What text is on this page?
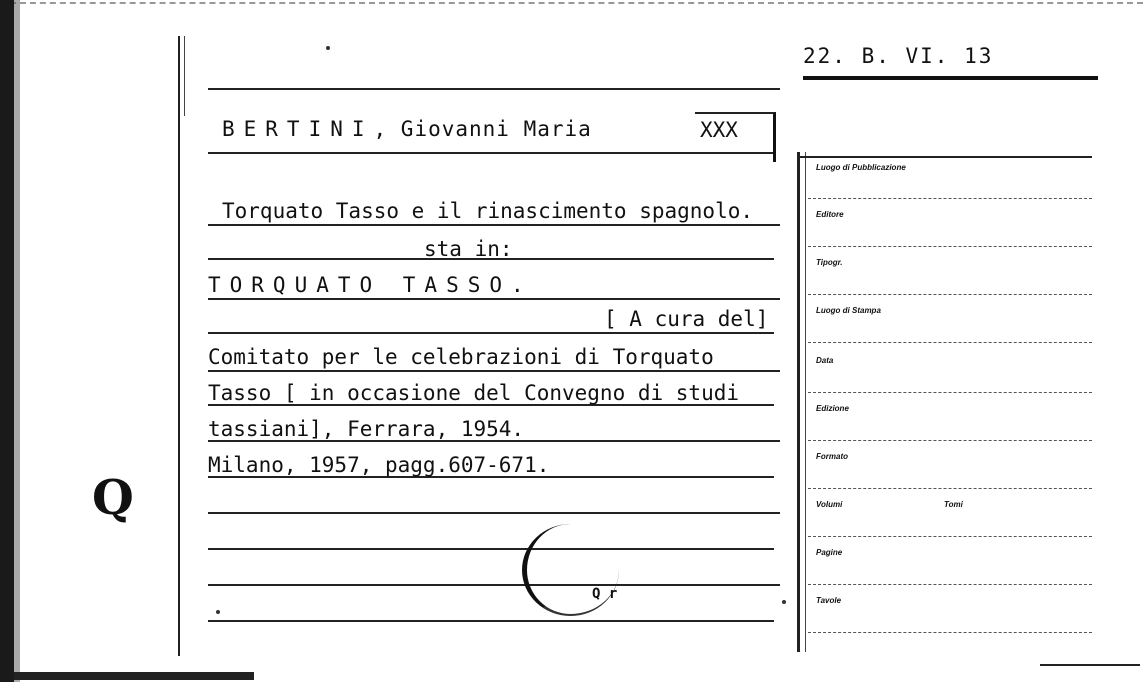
Q
22. B. VI. 13
BERTINI, Giovanni Maria	XXX
Torquato Tasso e il rinascimento spagnolo.
sta in:
TORQUATO TASSO.
[ A cura del]
Comitato per le celebrazioni di Torquato
Tasso [ in occasione del Convegno di studi
tassiani], Ferrara, 1954.
Milano, 1957, pagg.607-671.
Q r
Luogo di Pubblicazione
Editore
Tipogr.
Luogo di Stampa
Data
Edizione
Formato
Volumi	Tomi
Pagine
Tavole
